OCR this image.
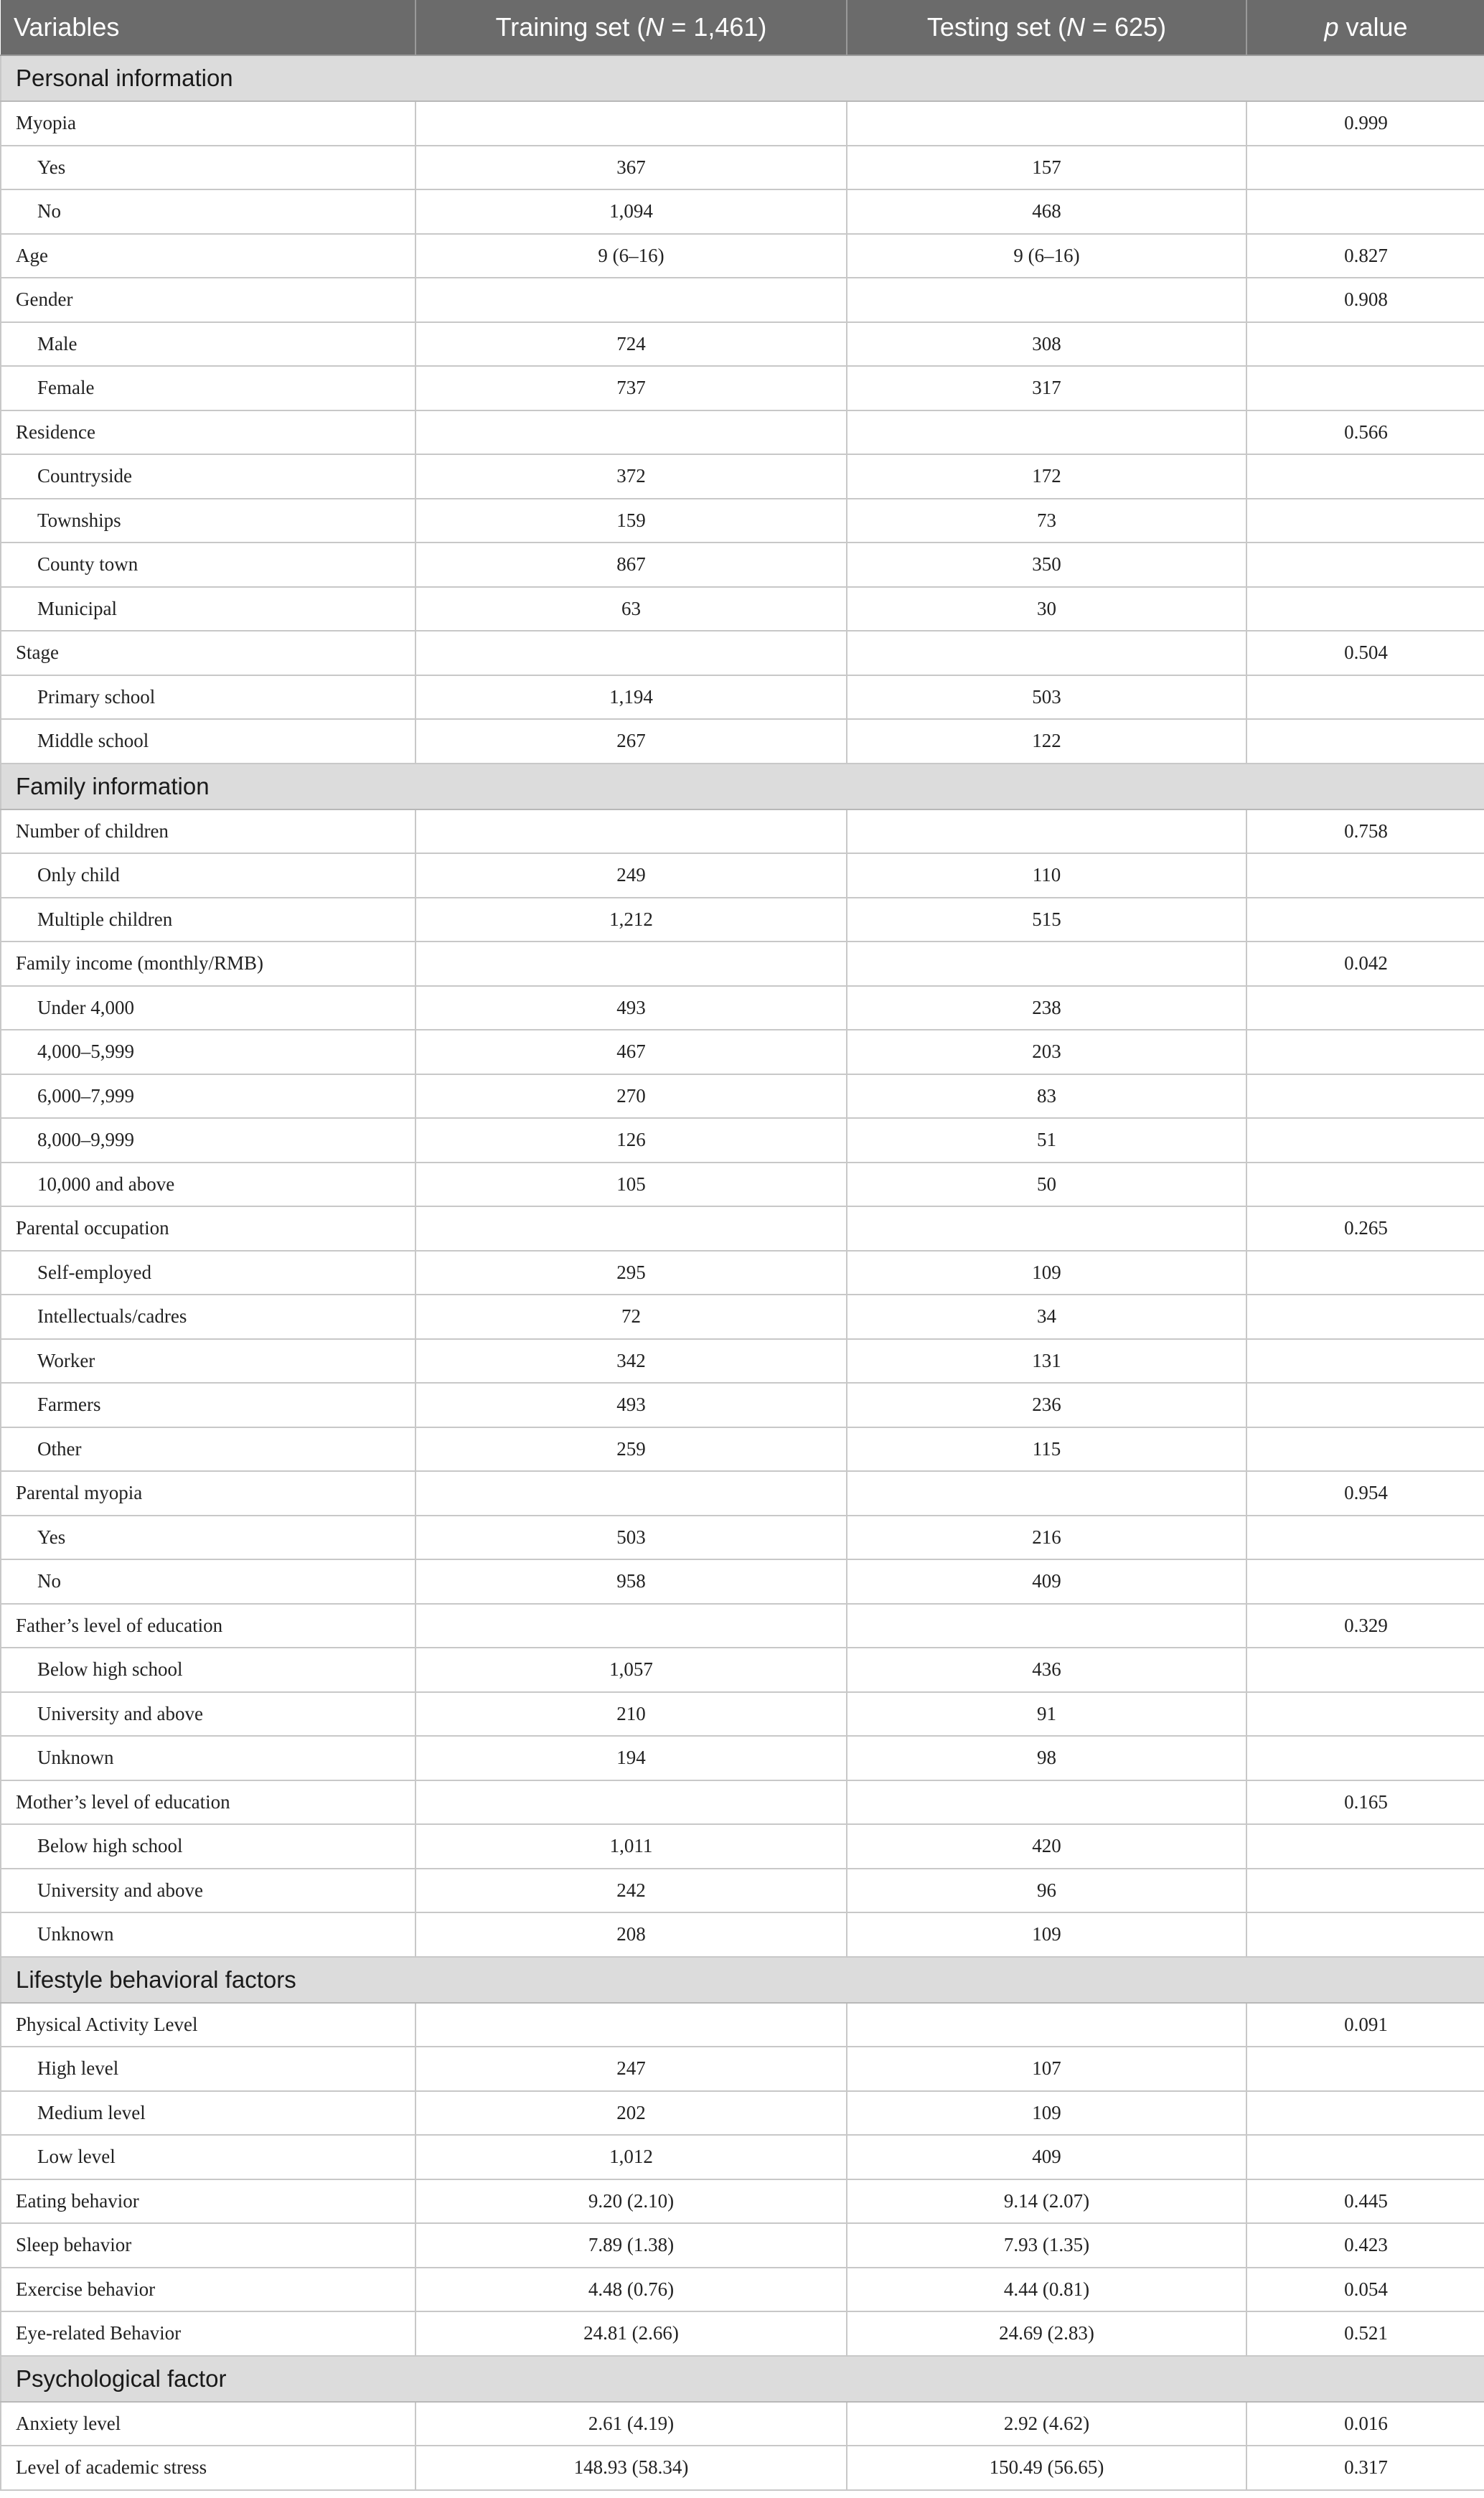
Variables	Training set (N = 1,461)	Testing set (N = 625)	p value
Personal information			
Myopia			0.999
Yes	367	157	
No	1,094	468	
Age	9 (6–16)	9 (6–16)	0.827
Gender			0.908
Male	724	308	
Female	737	317	
Residence			0.566
Countryside	372	172	
Townships	159	73	
County town	867	350	
Municipal	63	30	
Stage			0.504
Primary school	1,194	503	
Middle school	267	122	
Family information			
Number of children			0.758
Only child	249	110	
Multiple children	1,212	515	
Family income (monthly/RMB)			0.042
Under 4,000	493	238	
4,000–5,999	467	203	
6,000–7,999	270	83	
8,000–9,999	126	51	
10,000 and above	105	50	
Parental occupation			0.265
Self-employed	295	109	
Intellectuals/cadres	72	34	
Worker	342	131	
Farmers	493	236	
Other	259	115	
Parental myopia			0.954
Yes	503	216	
No	958	409	
Father’s level of education			0.329
Below high school	1,057	436	
University and above	210	91	
Unknown	194	98	
Mother’s level of education			0.165
Below high school	1,011	420	
University and above	242	96	
Unknown	208	109	
Lifestyle behavioral factors			
Physical Activity Level			0.091
High level	247	107	
Medium level	202	109	
Low level	1,012	409	
Eating behavior	9.20 (2.10)	9.14 (2.07)	0.445
Sleep behavior	7.89 (1.38)	7.93 (1.35)	0.423
Exercise behavior	4.48 (0.76)	4.44 (0.81)	0.054
Eye-related Behavior	24.81 (2.66)	24.69 (2.83)	0.521
Psychological factor			
Anxiety level	2.61 (4.19)	2.92 (4.62)	0.016
Level of academic stress	148.93 (58.34)	150.49 (56.65)	0.317
